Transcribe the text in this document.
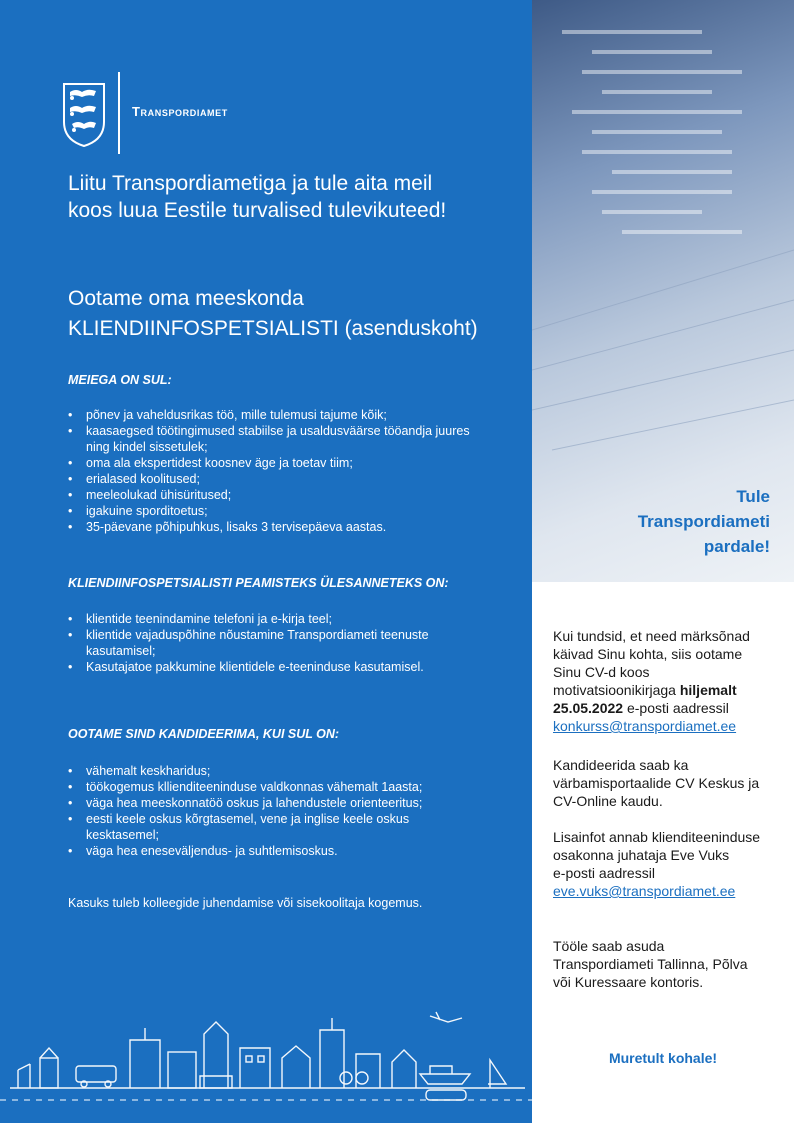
Transpordiamet
Liitu Transpordiametiga ja tule aita meil
koos luua Eestile turvalised tulevikuteed!
Ootame oma meeskonda
KLIENDIINFOSPETSIALISTI (asenduskoht)
MEIEGA ON SUL:
• põnev ja vaheldusrikas töö, mille tulemusi tajume kõik;
• kaasaegsed töötingimused stabiilse ja usaldusväärse tööandja juures ning kindel sissetulek;
• oma ala ekspertidest koosnev äge ja toetav tiim;
• erialased koolitused;
• meeleolukad ühisüritused;
• igakuine sporditoetus;
• 35-päevane põhipuhkus, lisaks 3 tervisepäeva aastas.
KLIENDIINFOSPETSIALISTI PEAMISTEKS ÜLESANNETEKS ON:
• klientide teenindamine telefoni ja e-kirja teel;
• klientide vajaduspõhine nõustamine Transpordiameti teenuste kasutamisel;
• Kasutajatoe pakkumine klientidele e-teeninduse kasutamisel.
OOTAME SIND KANDIDEERIMA, KUI SUL ON:
• vähemalt keskharidus;
• töökogemus kllienditeeninduse valdkonnas vähemalt 1aasta;
• väga hea meeskonnatöö oskus ja lahendustele orienteeritus;
• eesti keele oskus kõrgtasemel, vene ja inglise keele oskus kesktasemel;
• väga hea eneseväljendus- ja suhtlemisoskus.
Kasuks tuleb kolleegide juhendamise või sisekoolitaja kogemus.
Tule
Transpordiameti
pardale!
Kui tundsid, et need märksõnad käivad Sinu kohta, siis ootame Sinu CV-d koos motivatsioonikirjaga hiljemalt 25.05.2022 e-posti aadressil
konkurss@transpordiamet.ee
Kandideerida saab ka värbamisportaalide CV Keskus ja CV-Online kaudu.
Lisainfot annab klienditeeninduse osakonna juhataja Eve Vuks
e-posti aadressil
eve.vuks@transpordiamet.ee
Tööle saab asuda Transpordiameti Tallinna, Põlva või Kuressaare kontoris.
Muretult kohale!
